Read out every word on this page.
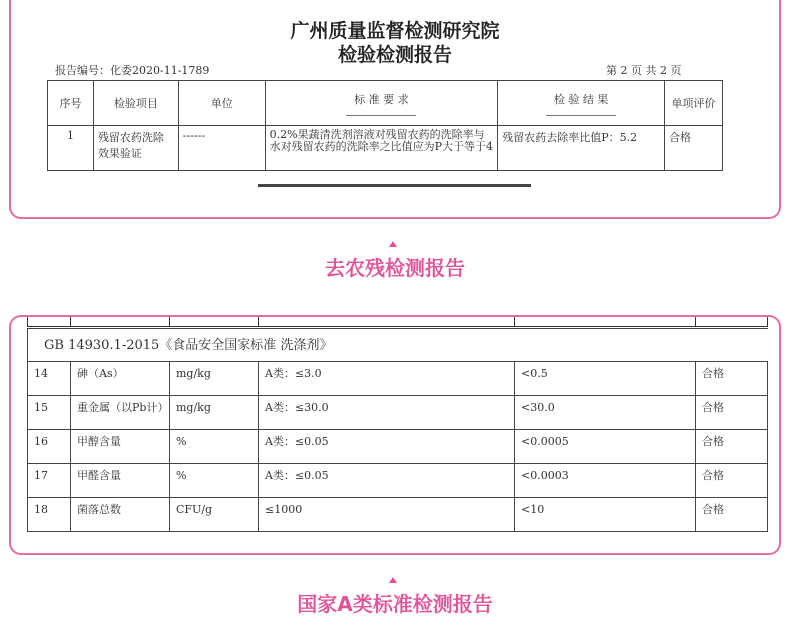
广州质量监督检测研究院
检验检测报告
报告编号：化委2020-11-1789	第 2 页 共 2 页
序号	检验项目	单位	标 准 要 求	检 验 结 果	单项评价
1	残留农药洗除效果验证	------	0.2%果蔬清洗剂溶液对残留农药的洗除率与水对残留农药的洗除率之比值应为P大于等于4	残留农药去除率比值P：5.2	合格
去农残检测报告
GB 14930.1-2015《食品安全国家标准 洗涤剂》					
14	砷（As）	mg/kg	A类：≤3.0	<0.5	合格
15	重金属（以Pb计）	mg/kg	A类：≤30.0	<30.0	合格
16	甲醇含量	%	A类：≤0.05	<0.0005	合格
17	甲醛含量	%	A类：≤0.05	<0.0003	合格
18	菌落总数	CFU/g	≤1000	<10	合格
国家A类标准检测报告
